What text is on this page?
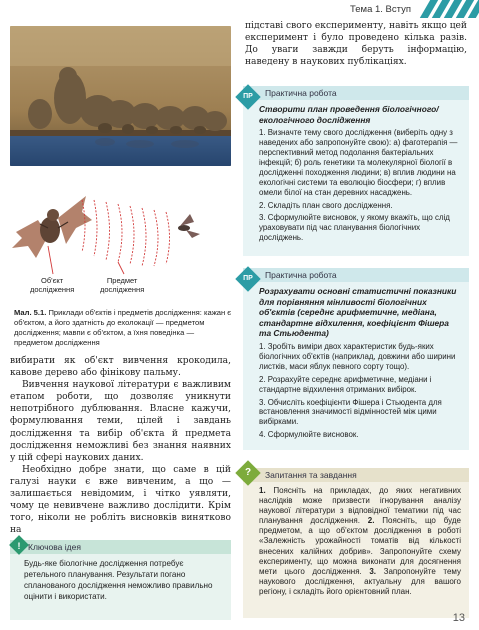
Тема 1. Вступ
Об'єкт
дослідження
Предмет
дослідження
Мал. 5.1. Приклади об'єктів і предметів дослідження: кажан є об'єктом, а його здатність до ехолокації — предметом дослідження; мавпи є об'єктом, а їхня поведінка — предметом дослідження

вибирати як об'єкт вивчення крокодила, кавове дерево або фініковy пальму.

Вивчення наукової літератури є важливим етапом роботи, що дозволяє уникнути непотрібного дублювання. Власне кажучи, формулювання теми, цілей і завдань дослідження та вибір об'єкта й предмета дослідження неможливі без знання наявних у цій сфері наукових даних.

Необхідно добре знати, що саме в цій галузі науки є вже вивченим, а що — залишається невідомим, і чітко уявляти, чому це невивчене важливо дослідити. Крім того, ніколи не робліть висновків винятково на

! Ключова ідея
Будь-яке біологічне дослідження потребує ретельного планування. Результати погано спланованого дослідження неможливо правильно оцінити і використати.

підставі свого експерименту, навіть якщо цей експеримент і було проведено кілька разів. До уваги завжди беруть інформацію, наведену в наукових публікаціях.

ПР	Практична робота
Створити план проведення біологічного/екологічного дослідження
1. Визначте тему свого дослідження (виберіть одну з наведених або запропонуйте свою): а) фаготерапія — перспективний метод подолання бактеріальних інфекцій; б) роль генетики та молекулярної біології в дослідженні походження людини; в) вплив людини на екологічні системи та еволюцію біосфери; г) вплив омели білої на стан деревних насаджень.
2. Складіть план свого дослідження.
3. Сформулюйте висновок, у якому вкажіть, що слід ураховувати під час планування біологічних досліджень.
ПР	Практична робота
Розрахувати основні статистичні показники для порівняння мінливості біологічних об'єктів (середнє арифметичне, медіана, стандартне відхилення, коефіцієнт Фішера та Стьюдента)
1. Зробіть виміри двох характеристик будь-яких біологічних об'єктів (наприклад, довжини або ширини листків, маси яблук певного сорту тощо).
2. Розрахуйте середнє арифметичне, медіани і стандартне відхилення отриманих вибірок.
3. Обчисліть коефіцієнти Фішера і Стьюдента для встановлення значимості відмінностей між цими вибірками.
4. Сформулюйте висновок.
?	Запитання та завдання
1. Поясніть на прикладах, до яких негативних наслідків може призвести ігнорування аналізу наукової літератури з відповідної тематики під час планування дослідження. 2. Поясніть, що буде предметом, а що об'єктом дослідження в роботі «Залежність урожайності томатів від кількості внесених калійних добрив». Запропонуйте схему експерименту, що можна виконати для досягнення мети цього дослідження. 3. Запропонуйте тему наукового дослідження, актуальну для вашого регіону, і складіть його орієнтовний план.
13
